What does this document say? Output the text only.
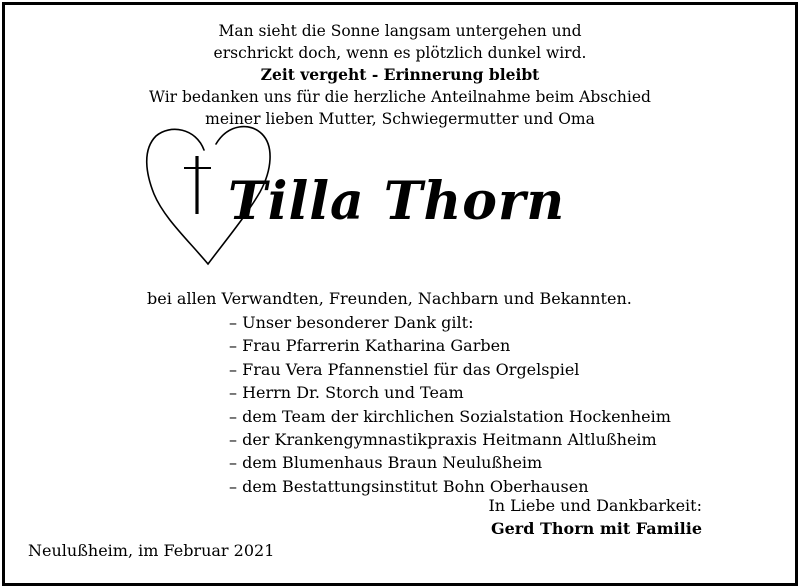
Man sieht die Sonne langsam untergehen und
erschrickt doch, wenn es plötzlich dunkel wird.
Zeit vergeht - Erinnerung bleibt
Wir bedanken uns für die herzliche Anteilnahme beim Abschied
meiner lieben Mutter, Schwiegermutter und Oma
Tilla Thorn
bei allen Verwandten, Freunden, Nachbarn und Bekannten.
– Unser besonderer Dank gilt:
– Frau Pfarrerin Katharina Garben
– Frau Vera Pfannenstiel für das Orgelspiel
– Herrn Dr. Storch und Team
– dem Team der kirchlichen Sozialstation Hockenheim
– der Krankengymnastikpraxis Heitmann Altlußheim
– dem Blumenhaus Braun Neulußheim
– dem Bestattungsinstitut Bohn Oberhausen
In Liebe und Dankbarkeit:
Gerd Thorn mit Familie
Neulußheim, im Februar 2021
